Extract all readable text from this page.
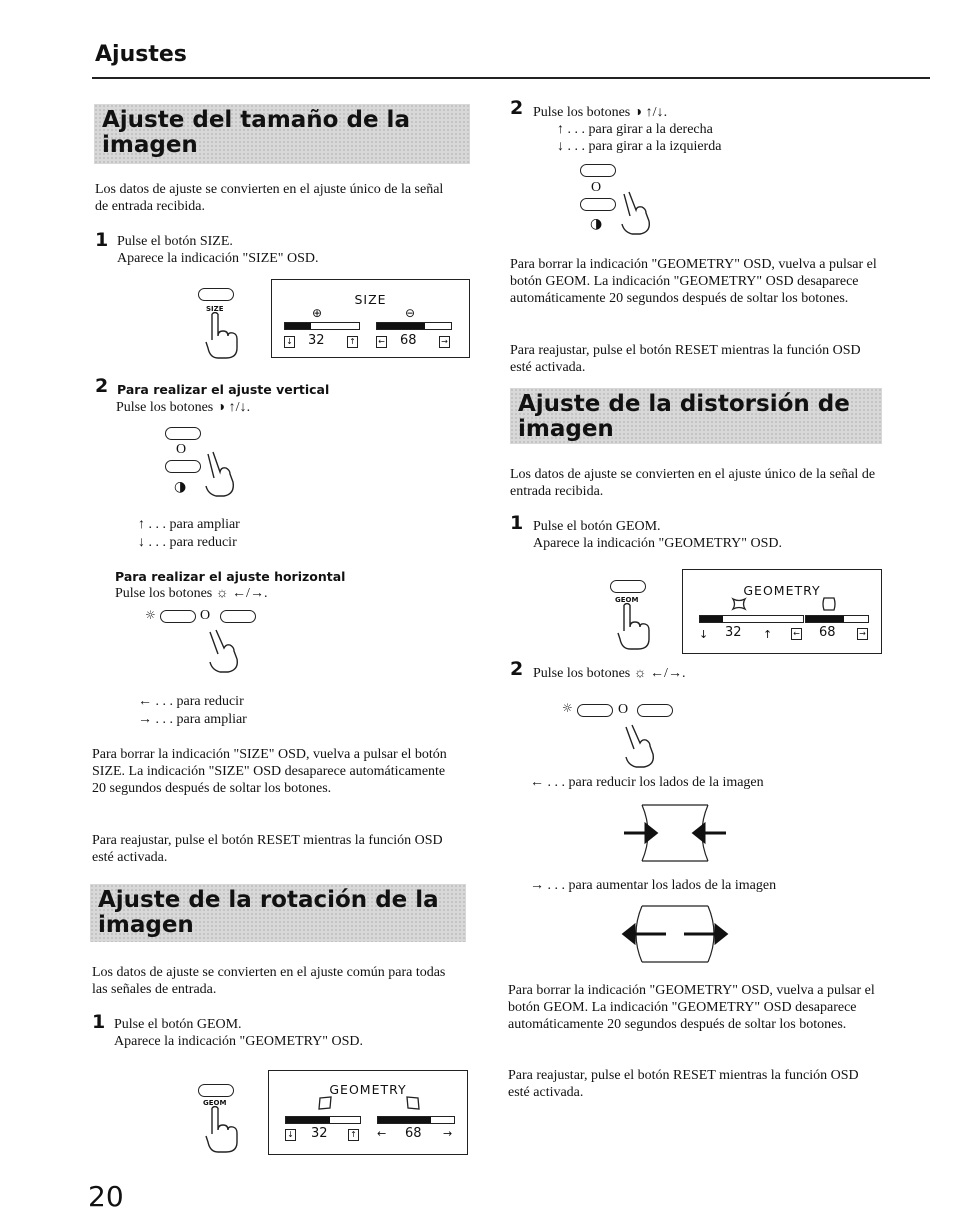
Ajustes
Ajuste del tamaño de la
imagen
Los datos de ajuste se convierten en el ajuste único de la señal de entrada recibida.
1 Pulse el botón SIZE.
Aparece la indicación "SIZE" OSD.
SIZE
SIZE
⊕	⊖
↓ 32	↑	← 68	→
2 Para realizar el ajuste vertical
Pulse los botones ◑ ↑/↓.
O
◑
↑ . . . para ampliar
↓ . . . para reducir
Para realizar el ajuste horizontal
Pulse los botones ☼ ←/→.
☼	O
← . . . para reducir
→ . . . para ampliar
Para borrar la indicación "SIZE" OSD, vuelva a pulsar el botón SIZE. La indicación "SIZE" OSD desaparece automáticamente 20 segundos después de soltar los botones.
Para reajustar, pulse el botón RESET mientras la función OSD esté activada.
Ajuste de la rotación de la
imagen
Los datos de ajuste se convierten en el ajuste común para todas las señales de entrada.
1 Pulse el botón GEOM.
Aparece la indicación "GEOMETRY" OSD.
GEOM
GEOMETRY
↓ 32	↑ ← 68 →
2 Pulse los botones ◑ ↑/↓.
↑ . . . para girar a la derecha
↓ . . . para girar a la izquierda
O
◑
Para borrar la indicación "GEOMETRY" OSD, vuelva a pulsar el botón GEOM. La indicación "GEOMETRY" OSD desaparece automáticamente 20 segundos después de soltar los botones.
Para reajustar, pulse el botón RESET mientras la función OSD esté activada.
Ajuste de la distorsión de
imagen
Los datos de ajuste se convierten en el ajuste único de la señal de entrada recibida.
1 Pulse el botón GEOM.
Aparece la indicación "GEOMETRY" OSD.
GEOM
GEOMETRY
↓ 32 ↑	← 68	→
2 Pulse los botones ☼ ←/→.
☼	O
← . . . para reducir los lados de la imagen
→ . . . para aumentar los lados de la imagen
Para borrar la indicación "GEOMETRY" OSD, vuelva a pulsar el botón GEOM. La indicación "GEOMETRY" OSD desaparece automáticamente 20 segundos después de soltar los botones.
Para reajustar, pulse el botón RESET mientras la función OSD esté activada.
20
